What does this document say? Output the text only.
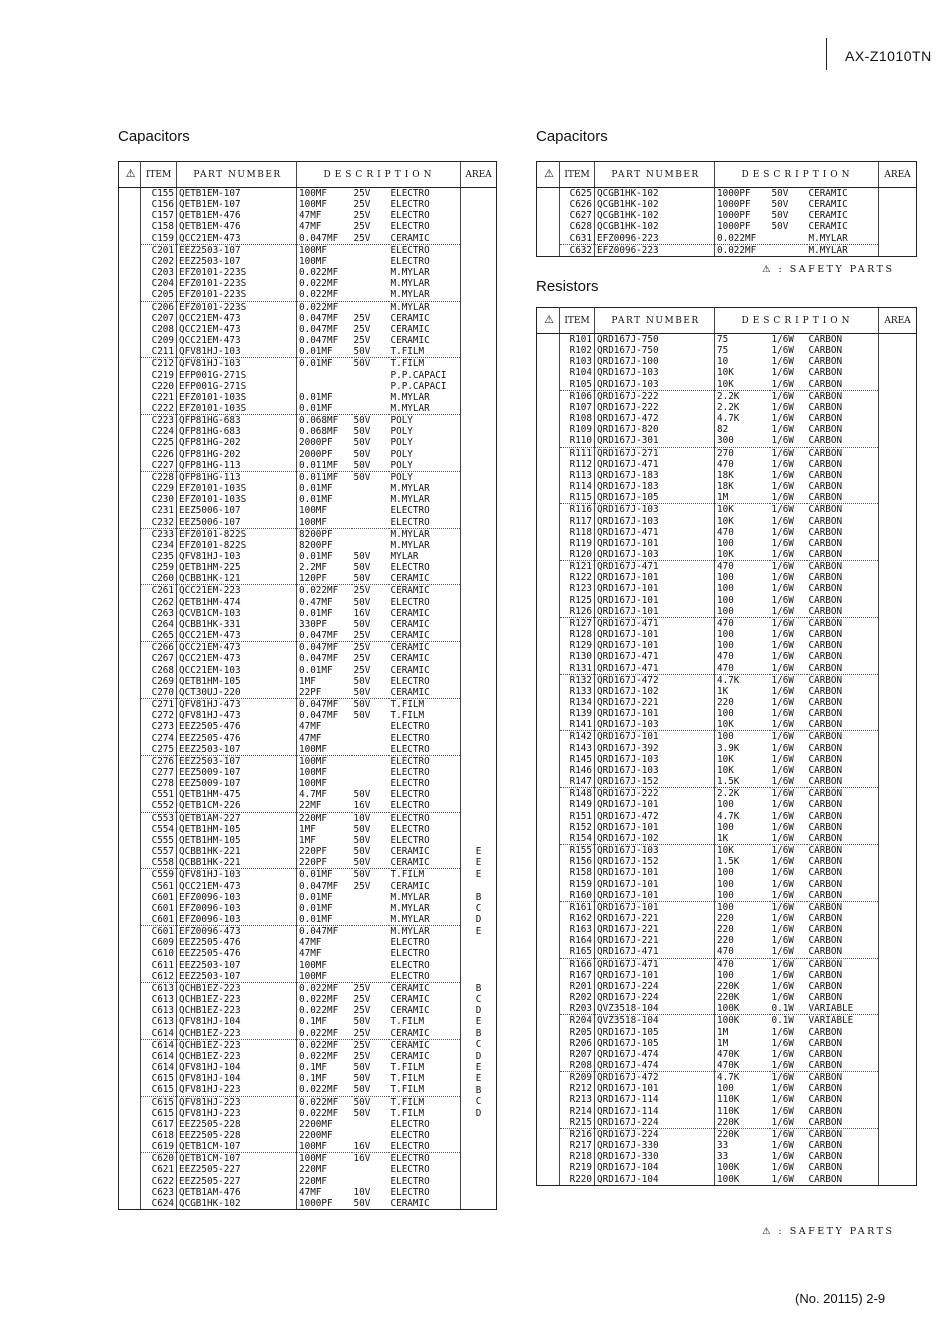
AX-Z1010TN
Capacitors
⚠	ITEM	PART NUMBER	DESCRIPTION			AREA
	C155	QETB1EM-107	100MF	25V	ELECTRO	
	C156	QETB1EM-107	100MF	25V	ELECTRO	
	C157	QETB1EM-476	47MF	25V	ELECTRO	
	C158	QETB1EM-476	47MF	25V	ELECTRO	
	C159	QCC21EM-473	0.047MF	25V	CERAMIC	
	C201	EEZ2503-107	100MF		ELECTRO	
	C202	EEZ2503-107	100MF		ELECTRO	
	C203	EFZ0101-223S	0.022MF		M.MYLAR	
	C204	EFZ0101-223S	0.022MF		M.MYLAR	
	C205	EFZ0101-223S	0.022MF		M.MYLAR	
	C206	EFZ0101-223S	0.022MF		M.MYLAR	
	C207	QCC21EM-473	0.047MF	25V	CERAMIC	
	C208	QCC21EM-473	0.047MF	25V	CERAMIC	
	C209	QCC21EM-473	0.047MF	25V	CERAMIC	
	C211	QFV81HJ-103	0.01MF	50V	T.FILM	
	C212	QFV81HJ-103	0.01MF	50V	T.FILM	
	C219	EFP001G-271S			P.P.CAPACI	
	C220	EFP001G-271S			P.P.CAPACI	
	C221	EFZ0101-103S	0.01MF		M.MYLAR	
	C222	EFZ0101-103S	0.01MF		M.MYLAR	
	C223	QFP81HG-683	0.068MF	50V	POLY	
	C224	QFP81HG-683	0.068MF	50V	POLY	
	C225	QFP81HG-202	2000PF	50V	POLY	
	C226	QFP81HG-202	2000PF	50V	POLY	
	C227	QFP81HG-113	0.011MF	50V	POLY	
	C228	QFP81HG-113	0.011MF	50V	POLY	
	C229	EFZ0101-103S	0.01MF		M.MYLAR	
	C230	EFZ0101-103S	0.01MF		M.MYLAR	
	C231	EEZ5006-107	100MF		ELECTRO	
	C232	EEZ5006-107	100MF		ELECTRO	
	C233	EFZ0101-822S	8200PF		M.MYLAR	
	C234	EFZ0101-822S	8200PF		M.MYLAR	
	C235	QFV81HJ-103	0.01MF	50V	MYLAR	
	C259	QETB1HM-225	2.2MF	50V	ELECTRO	
	C260	QCBB1HK-121	120PF	50V	CERAMIC	
	C261	QCC21EM-223	0.022MF	25V	CERAMIC	
	C262	QETB1HM-474	0.47MF	50V	ELECTRO	
	C263	QCVB1CM-103	0.01MF	16V	CERAMIC	
	C264	QCBB1HK-331	330PF	50V	CERAMIC	
	C265	QCC21EM-473	0.047MF	25V	CERAMIC	
	C266	QCC21EM-473	0.047MF	25V	CERAMIC	
	C267	QCC21EM-473	0.047MF	25V	CERAMIC	
	C268	QCC21EM-103	0.01MF	25V	CERAMIC	
	C269	QETB1HM-105	1MF	50V	ELECTRO	
	C270	QCT30UJ-220	22PF	50V	CERAMIC	
	C271	QFV81HJ-473	0.047MF	50V	T.FILM	
	C272	QFV81HJ-473	0.047MF	50V	T.FILM	
	C273	EEZ2505-476	47MF		ELECTRO	
	C274	EEZ2505-476	47MF		ELECTRO	
	C275	EEZ2503-107	100MF		ELECTRO	
	C276	EEZ2503-107	100MF		ELECTRO	
	C277	EEZ5009-107	100MF		ELECTRO	
	C278	EEZ5009-107	100MF		ELECTRO	
	C551	QETB1HM-475	4.7MF	50V	ELECTRO	
	C552	QETB1CM-226	22MF	16V	ELECTRO	
	C553	QETB1AM-227	220MF	10V	ELECTRO	
	C554	QETB1HM-105	1MF	50V	ELECTRO	
	C555	QETB1HM-105	1MF	50V	ELECTRO	
	C557	QCBB1HK-221	220PF	50V	CERAMIC	E
	C558	QCBB1HK-221	220PF	50V	CERAMIC	E
	C559	QFV81HJ-103	0.01MF	50V	T.FILM	E
	C561	QCC21EM-473	0.047MF	25V	CERAMIC	
	C601	EFZ0096-103	0.01MF		M.MYLAR	B
	C601	EFZ0096-103	0.01MF		M.MYLAR	C
	C601	EFZ0096-103	0.01MF		M.MYLAR	D
	C601	EFZ0096-473	0.047MF		M.MYLAR	E
	C609	EEZ2505-476	47MF		ELECTRO	
	C610	EEZ2505-476	47MF		ELECTRO	
	C611	EEZ2503-107	100MF		ELECTRO	
	C612	EEZ2503-107	100MF		ELECTRO	
	C613	QCHB1EZ-223	0.022MF	25V	CERAMIC	B
	C613	QCHB1EZ-223	0.022MF	25V	CERAMIC	C
	C613	QCHB1EZ-223	0.022MF	25V	CERAMIC	D
	C613	QFV81HJ-104	0.1MF	50V	T.FILM	E
	C614	QCHB1EZ-223	0.022MF	25V	CERAMIC	B
	C614	QCHB1EZ-223	0.022MF	25V	CERAMIC	C
	C614	QCHB1EZ-223	0.022MF	25V	CERAMIC	D
	C614	QFV81HJ-104	0.1MF	50V	T.FILM	E
	C615	QFV81HJ-104	0.1MF	50V	T.FILM	E
	C615	QFV81HJ-223	0.022MF	50V	T.FILM	B
	C615	QFV81HJ-223	0.022MF	50V	T.FILM	C
	C615	QFV81HJ-223	0.022MF	50V	T.FILM	D
	C617	EEZ2505-228	2200MF		ELECTRO	
	C618	EEZ2505-228	2200MF		ELECTRO	
	C619	QETB1CM-107	100MF	16V	ELECTRO	
	C620	QETB1CM-107	100MF	16V	ELECTRO	
	C621	EEZ2505-227	220MF		ELECTRO	
	C622	EEZ2505-227	220MF		ELECTRO	
	C623	QETB1AM-476	47MF	10V	ELECTRO	
	C624	QCGB1HK-102	1000PF	50V	CERAMIC	
Capacitors
⚠	ITEM	PART NUMBER	DESCRIPTION			AREA
	C625	QCGB1HK-102	1000PF	50V	CERAMIC	
	C626	QCGB1HK-102	1000PF	50V	CERAMIC	
	C627	QCGB1HK-102	1000PF	50V	CERAMIC	
	C628	QCGB1HK-102	1000PF	50V	CERAMIC	
	C631	EFZ0096-223	0.022MF		M.MYLAR	
	C632	EFZ0096-223	0.022MF		M.MYLAR	
⚠ : SAFETY PARTS
Resistors
⚠	ITEM	PART NUMBER	DESCRIPTION			AREA
	R101	QRD167J-750	75	1/6W	CARBON	
	R102	QRD167J-750	75	1/6W	CARBON	
	R103	QRD167J-100	10	1/6W	CARBON	
	R104	QRD167J-103	10K	1/6W	CARBON	
	R105	QRD167J-103	10K	1/6W	CARBON	
	R106	QRD167J-222	2.2K	1/6W	CARBON	
	R107	QRD167J-222	2.2K	1/6W	CARBON	
	R108	QRD167J-472	4.7K	1/6W	CARBON	
	R109	QRD167J-820	82	1/6W	CARBON	
	R110	QRD167J-301	300	1/6W	CARBON	
	R111	QRD167J-271	270	1/6W	CARBON	
	R112	QRD167J-471	470	1/6W	CARBON	
	R113	QRD167J-183	18K	1/6W	CARBON	
	R114	QRD167J-183	18K	1/6W	CARBON	
	R115	QRD167J-105	1M	1/6W	CARBON	
	R116	QRD167J-103	10K	1/6W	CARBON	
	R117	QRD167J-103	10K	1/6W	CARBON	
	R118	QRD167J-471	470	1/6W	CARBON	
	R119	QRD167J-101	100	1/6W	CARBON	
	R120	QRD167J-103	10K	1/6W	CARBON	
	R121	QRD167J-471	470	1/6W	CARBON	
	R122	QRD167J-101	100	1/6W	CARBON	
	R123	QRD167J-101	100	1/6W	CARBON	
	R125	QRD167J-101	100	1/6W	CARBON	
	R126	QRD167J-101	100	1/6W	CARBON	
	R127	QRD167J-471	470	1/6W	CARBON	
	R128	QRD167J-101	100	1/6W	CARBON	
	R129	QRD167J-101	100	1/6W	CARBON	
	R130	QRD167J-471	470	1/6W	CARBON	
	R131	QRD167J-471	470	1/6W	CARBON	
	R132	QRD167J-472	4.7K	1/6W	CARBON	
	R133	QRD167J-102	1K	1/6W	CARBON	
	R134	QRD167J-221	220	1/6W	CARBON	
	R139	QRD167J-101	100	1/6W	CARBON	
	R141	QRD167J-103	10K	1/6W	CARBON	
	R142	QRD167J-101	100	1/6W	CARBON	
	R143	QRD167J-392	3.9K	1/6W	CARBON	
	R145	QRD167J-103	10K	1/6W	CARBON	
	R146	QRD167J-103	10K	1/6W	CARBON	
	R147	QRD167J-152	1.5K	1/6W	CARBON	
	R148	QRD167J-222	2.2K	1/6W	CARBON	
	R149	QRD167J-101	100	1/6W	CARBON	
	R151	QRD167J-472	4.7K	1/6W	CARBON	
	R152	QRD167J-101	100	1/6W	CARBON	
	R154	QRD167J-102	1K	1/6W	CARBON	
	R155	QRD167J-103	10K	1/6W	CARBON	
	R156	QRD167J-152	1.5K	1/6W	CARBON	
	R158	QRD167J-101	100	1/6W	CARBON	
	R159	QRD167J-101	100	1/6W	CARBON	
	R160	QRD167J-101	100	1/6W	CARBON	
	R161	QRD167J-101	100	1/6W	CARBON	
	R162	QRD167J-221	220	1/6W	CARBON	
	R163	QRD167J-221	220	1/6W	CARBON	
	R164	QRD167J-221	220	1/6W	CARBON	
	R165	QRD167J-471	470	1/6W	CARBON	
	R166	QRD167J-471	470	1/6W	CARBON	
	R167	QRD167J-101	100	1/6W	CARBON	
	R201	QRD167J-224	220K	1/6W	CARBON	
	R202	QRD167J-224	220K	1/6W	CARBON	
	R203	QVZ3518-104	100K	0.1W	VARIABLE	
	R204	QVZ3518-104	100K	0.1W	VARIABLE	
	R205	QRD167J-105	1M	1/6W	CARBON	
	R206	QRD167J-105	1M	1/6W	CARBON	
	R207	QRD167J-474	470K	1/6W	CARBON	
	R208	QRD167J-474	470K	1/6W	CARBON	
	R209	QRD167J-472	4.7K	1/6W	CARBON	
	R212	QRD167J-101	100	1/6W	CARBON	
	R213	QRD167J-114	110K	1/6W	CARBON	
	R214	QRD167J-114	110K	1/6W	CARBON	
	R215	QRD167J-224	220K	1/6W	CARBON	
	R216	QRD167J-224	220K	1/6W	CARBON	
	R217	QRD167J-330	33	1/6W	CARBON	
	R218	QRD167J-330	33	1/6W	CARBON	
	R219	QRD167J-104	100K	1/6W	CARBON	
	R220	QRD167J-104	100K	1/6W	CARBON	
⚠ : SAFETY PARTS
(No. 20115) 2-9
